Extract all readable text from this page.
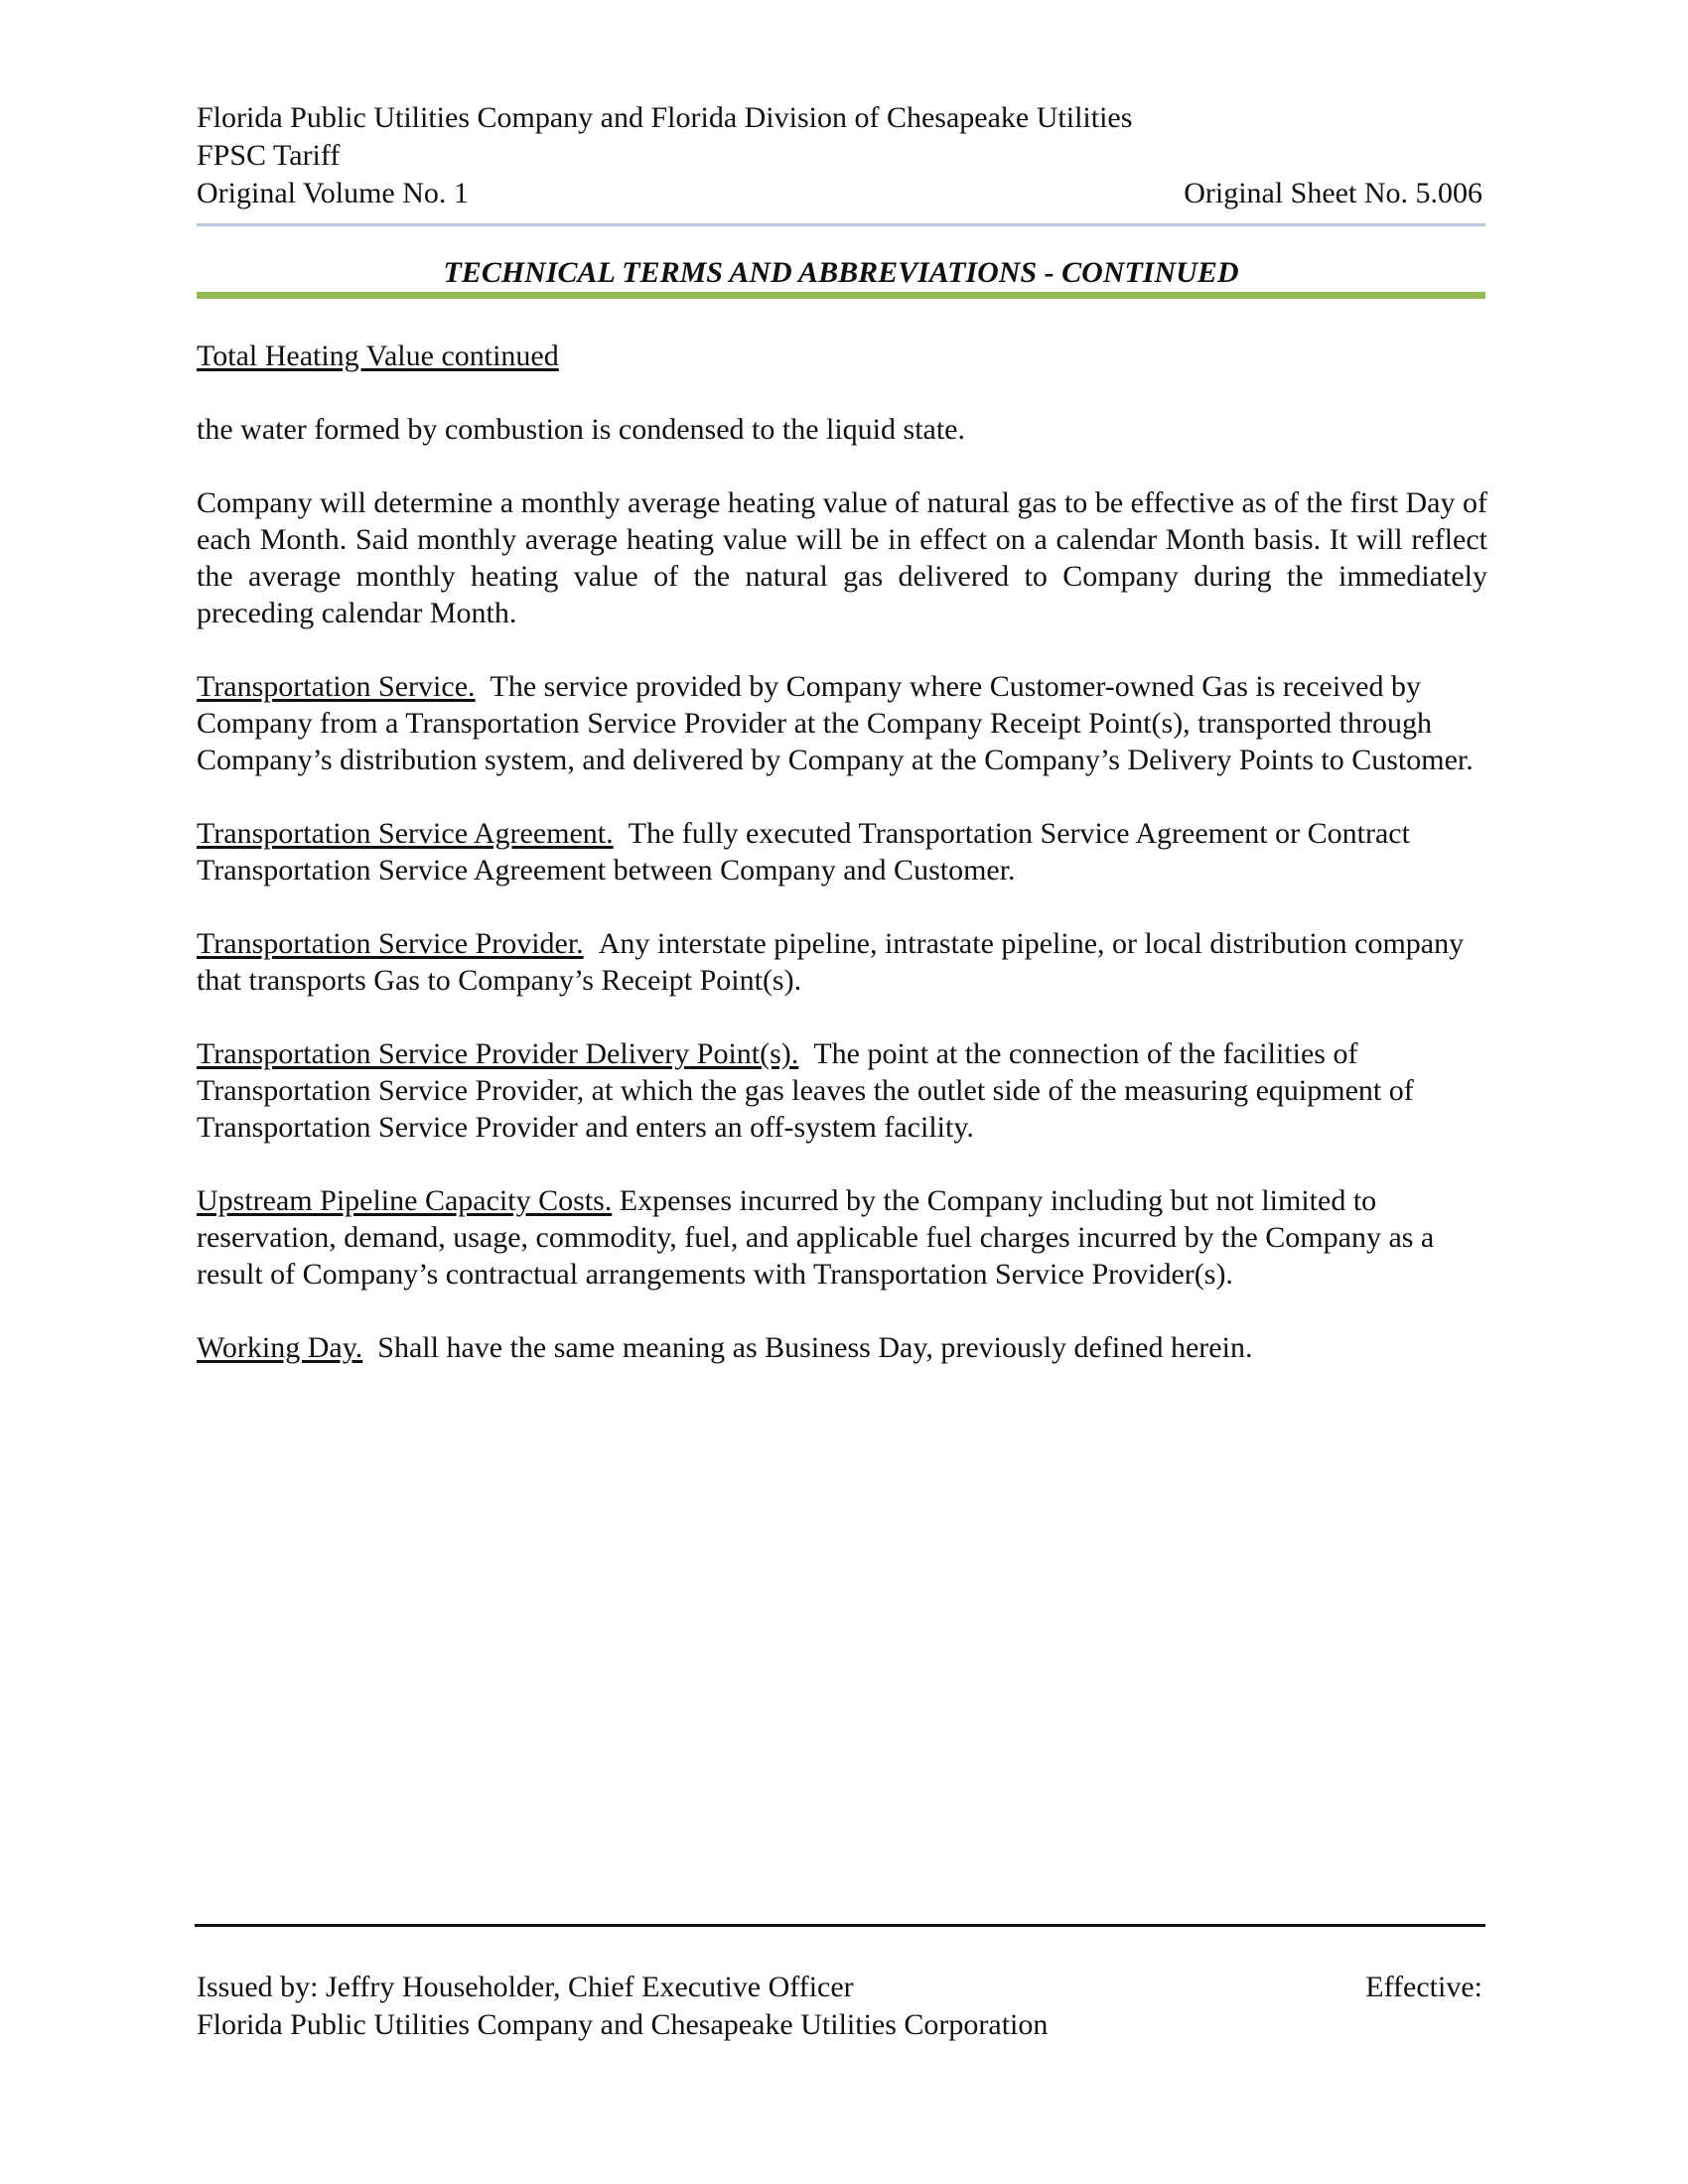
Florida Public Utilities Company and Florida Division of Chesapeake Utilities
FPSC Tariff
Original Volume No. 1	Original Sheet No. 5.006
TECHNICAL TERMS AND ABBREVIATIONS - CONTINUED

Total Heating Value continued

the water formed by combustion is condensed to the liquid state.

Company will determine a monthly average heating value of natural gas to be effective as of the first Day of each Month. Said monthly average heating value will be in effect on a calendar Month basis. It will reflect the average monthly heating value of the natural gas delivered to Company during the immediately preceding calendar Month.

Transportation Service. The service provided by Company where Customer-owned Gas is received by Company from a Transportation Service Provider at the Company Receipt Point(s), transported through Company’s distribution system, and delivered by Company at the Company’s Delivery Points to Customer.

Transportation Service Agreement. The fully executed Transportation Service Agreement or Contract Transportation Service Agreement between Company and Customer.

Transportation Service Provider. Any interstate pipeline, intrastate pipeline, or local distribution company that transports Gas to Company’s Receipt Point(s).

Transportation Service Provider Delivery Point(s). The point at the connection of the facilities of Transportation Service Provider, at which the gas leaves the outlet side of the measuring equipment of Transportation Service Provider and enters an off-system facility.

Upstream Pipeline Capacity Costs. Expenses incurred by the Company including but not limited to reservation, demand, usage, commodity, fuel, and applicable fuel charges incurred by the Company as a result of Company’s contractual arrangements with Transportation Service Provider(s).

Working Day. Shall have the same meaning as Business Day, previously defined herein.

Issued by: Jeffry Householder, Chief Executive Officer	Effective:
Florida Public Utilities Company and Chesapeake Utilities Corporation
